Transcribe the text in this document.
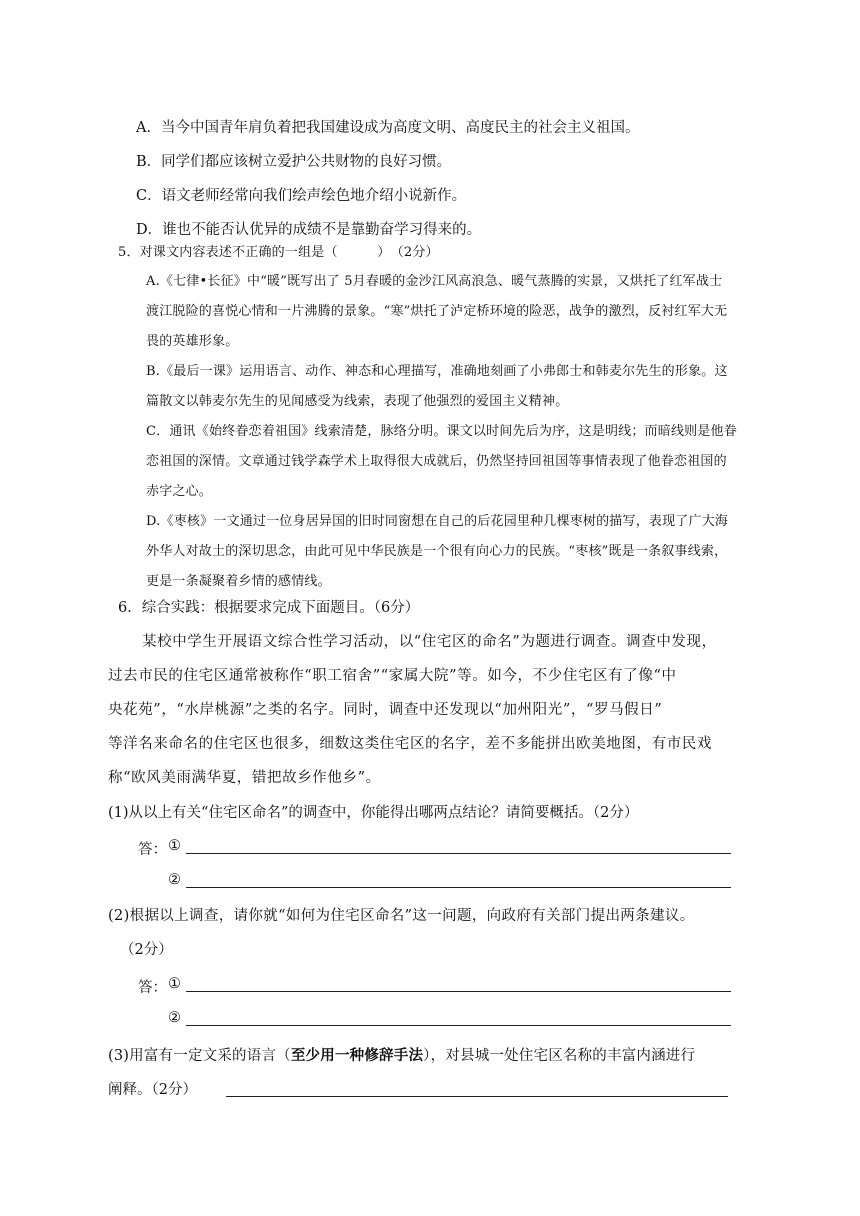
A．当今中国青年肩负着把我国建设成为高度文明、高度民主的社会主义祖国。
B．同学们都应该树立爱护公共财物的良好习惯。
C．语文老师经常向我们绘声绘色地介绍小说新作。
D．谁也不能否认优异的成绩不是靠勤奋学习得来的。
5．对课文内容表述不正确的一组是（　　　）　（2分）
A.《七律•长征》中“暖”既写出了 5月春暖的金沙江风高浪急、暖气蒸腾的实景，又烘托了红军战士
渡江脱险的喜悦心情和一片沸腾的景象。“寒”烘托了泸定桥环境的险恶，战争的激烈，反衬红军大无
畏的英雄形象。
B.《最后一课》运用语言、动作、神态和心理描写，准确地刻画了小弗郎士和韩麦尔先生的形象。这
篇散文以韩麦尔先生的见闻感受为线索，表现了他强烈的爱国主义精神。
C．通讯《始终眷恋着祖国》线索清楚，脉络分明。课文以时间先后为序，这是明线；而暗线则是他眷
恋祖国的深情。文章通过钱学森学术上取得很大成就后，仍然坚持回祖国等事情表现了他眷恋祖国的
赤字之心。
D.《枣核》一文通过一位身居异国的旧时同窗想在自己的后花园里种几棵枣树的描写，表现了广大海
外华人对故土的深切思念，由此可见中华民族是一个很有向心力的民族。“枣核”既是一条叙事线索，
更是一条凝聚着乡情的感情线。
6．综合实践：根据要求完成下面题目。（6分）
某校中学生开展语文综合性学习活动，以“住宅区的命名”为题进行调查。调查中发现，
过去市民的住宅区通常被称作“职工宿舍”“家属大院”等。如今，不少住宅区有了像“中
央花苑”，“水岸桃源”之类的名字。同时，调查中还发现以“加州阳光”，“罗马假日”
等洋名来命名的住宅区也很多，细数这类住宅区的名字，差不多能拼出欧美地图，有市民戏
称“欧风美雨满华夏，错把故乡作他乡”。
(1)从以上有关“住宅区命名”的调查中，你能得出哪两点结论？请简要概括。（2分）
答： ①
②
(2)根据以上调查，请你就“如何为住宅区命名”这一问题，向政府有关部门提出两条建议。
（2分）
答： ①
②
(3)用富有一定文采的语言（至少用一种修辞手法），对县城一处住宅区名称的丰富内涵进行
阐释。（2分）
